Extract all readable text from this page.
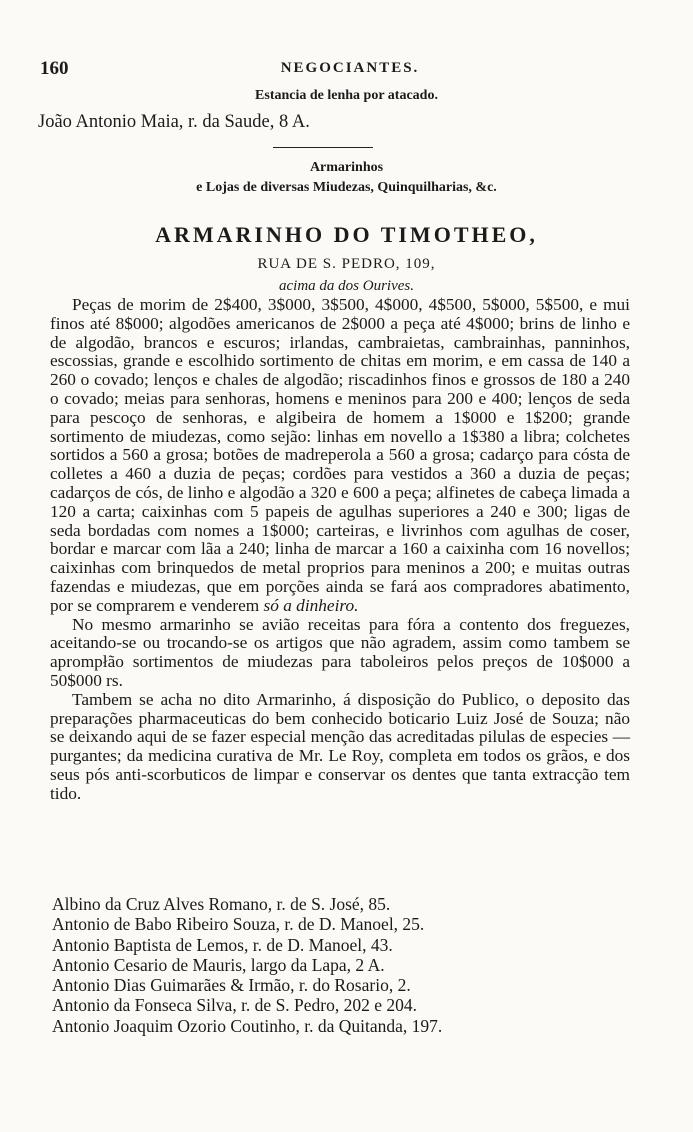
160	NEGOCIANTES.
Estancia de lenha por atacado.
João Antonio Maia, r. da Saude, 8 A.
Armarinhos
e Lojas de diversas Miudezas, Quinquilharias, &c.
ARMARINHO DO TIMOTHEO,
RUA DE S. PEDRO, 109,
acima da dos Ourives.

Peças de morim de 2$400, 3$000, 3$500, 4$000, 4$500, 5$000, 5$500, e mui finos até 8$000; algodões americanos de 2$000 a peça até 4$000; brins de linho e de algodão, brancos e escuros; irlandas, cambraietas, cambrainhas, panninhos, escossias, grande e escolhido sortimento de chitas em morim, e em cassa de 140 a 260 o covado; lenços e chales de algodão; riscadinhos finos e grossos de 180 a 240 o covado; meias para senhoras, homens e meninos para 200 e 400; lenços de seda para pescoço de senhoras, e algibeira de homem a 1$000 e 1$200; grande sortimento de miudezas, como sejão: linhas em novello a 1$380 a libra; colchetes sortidos a 560 a grosa; botões de madreperola a 560 a grosa; cadarço para cósta de colletes a 460 a duzia de peças; cordões para vestidos a 360 a duzia de peças; cadarços de cós, de linho e algodão a 320 e 600 a peça; alfinetes de cabeça limada a 120 a carta; caixinhas com 5 papeis de agulhas superiores a 240 e 300; ligas de seda bordadas com nomes a 1$000; carteiras, e livrinhos com agulhas de coser, bordar e marcar com lãa a 240; linha de marcar a 160 a caixinha com 16 novellos; caixinhas com brinquedos de metal proprios para meninos a 200; e muitas outras fazendas e miudezas, que em porções ainda se fará aos compradores abatimento, por se comprarem e venderem só a dinheiro.

No mesmo armarinho se avião receitas para fóra a contento dos freguezes, aceitando-se ou trocando-se os artigos que não agradem, assim como tambem se aprompłão sortimentos de miudezas para taboleiros pelos preços de 10$000 a 50$000 rs.

Tambem se acha no dito Armarinho, á disposição do Publico, o deposito das preparações pharmaceuticas do bem conhecido boticario Luiz José de Souza; não se deixando aqui de se fazer especial menção das acreditadas pilulas de especies — purgantes; da medicina curativa de Mr. Le Roy, completa em todos os grãos, e dos seus pós anti-scorbuticos de limpar e conservar os dentes que tanta extracção tem tido.

Albino da Cruz Alves Romano, r. de S. José, 85.
Antonio de Babo Ribeiro Souza, r. de D. Manoel, 25.
Antonio Baptista de Lemos, r. de D. Manoel, 43.
Antonio Cesario de Mauris, largo da Lapa, 2 A.
Antonio Dias Guimarães & Irmão, r. do Rosario, 2.
Antonio da Fonseca Silva, r. de S. Pedro, 202 e 204.
Antonio Joaquim Ozorio Coutinho, r. da Quitanda, 197.
